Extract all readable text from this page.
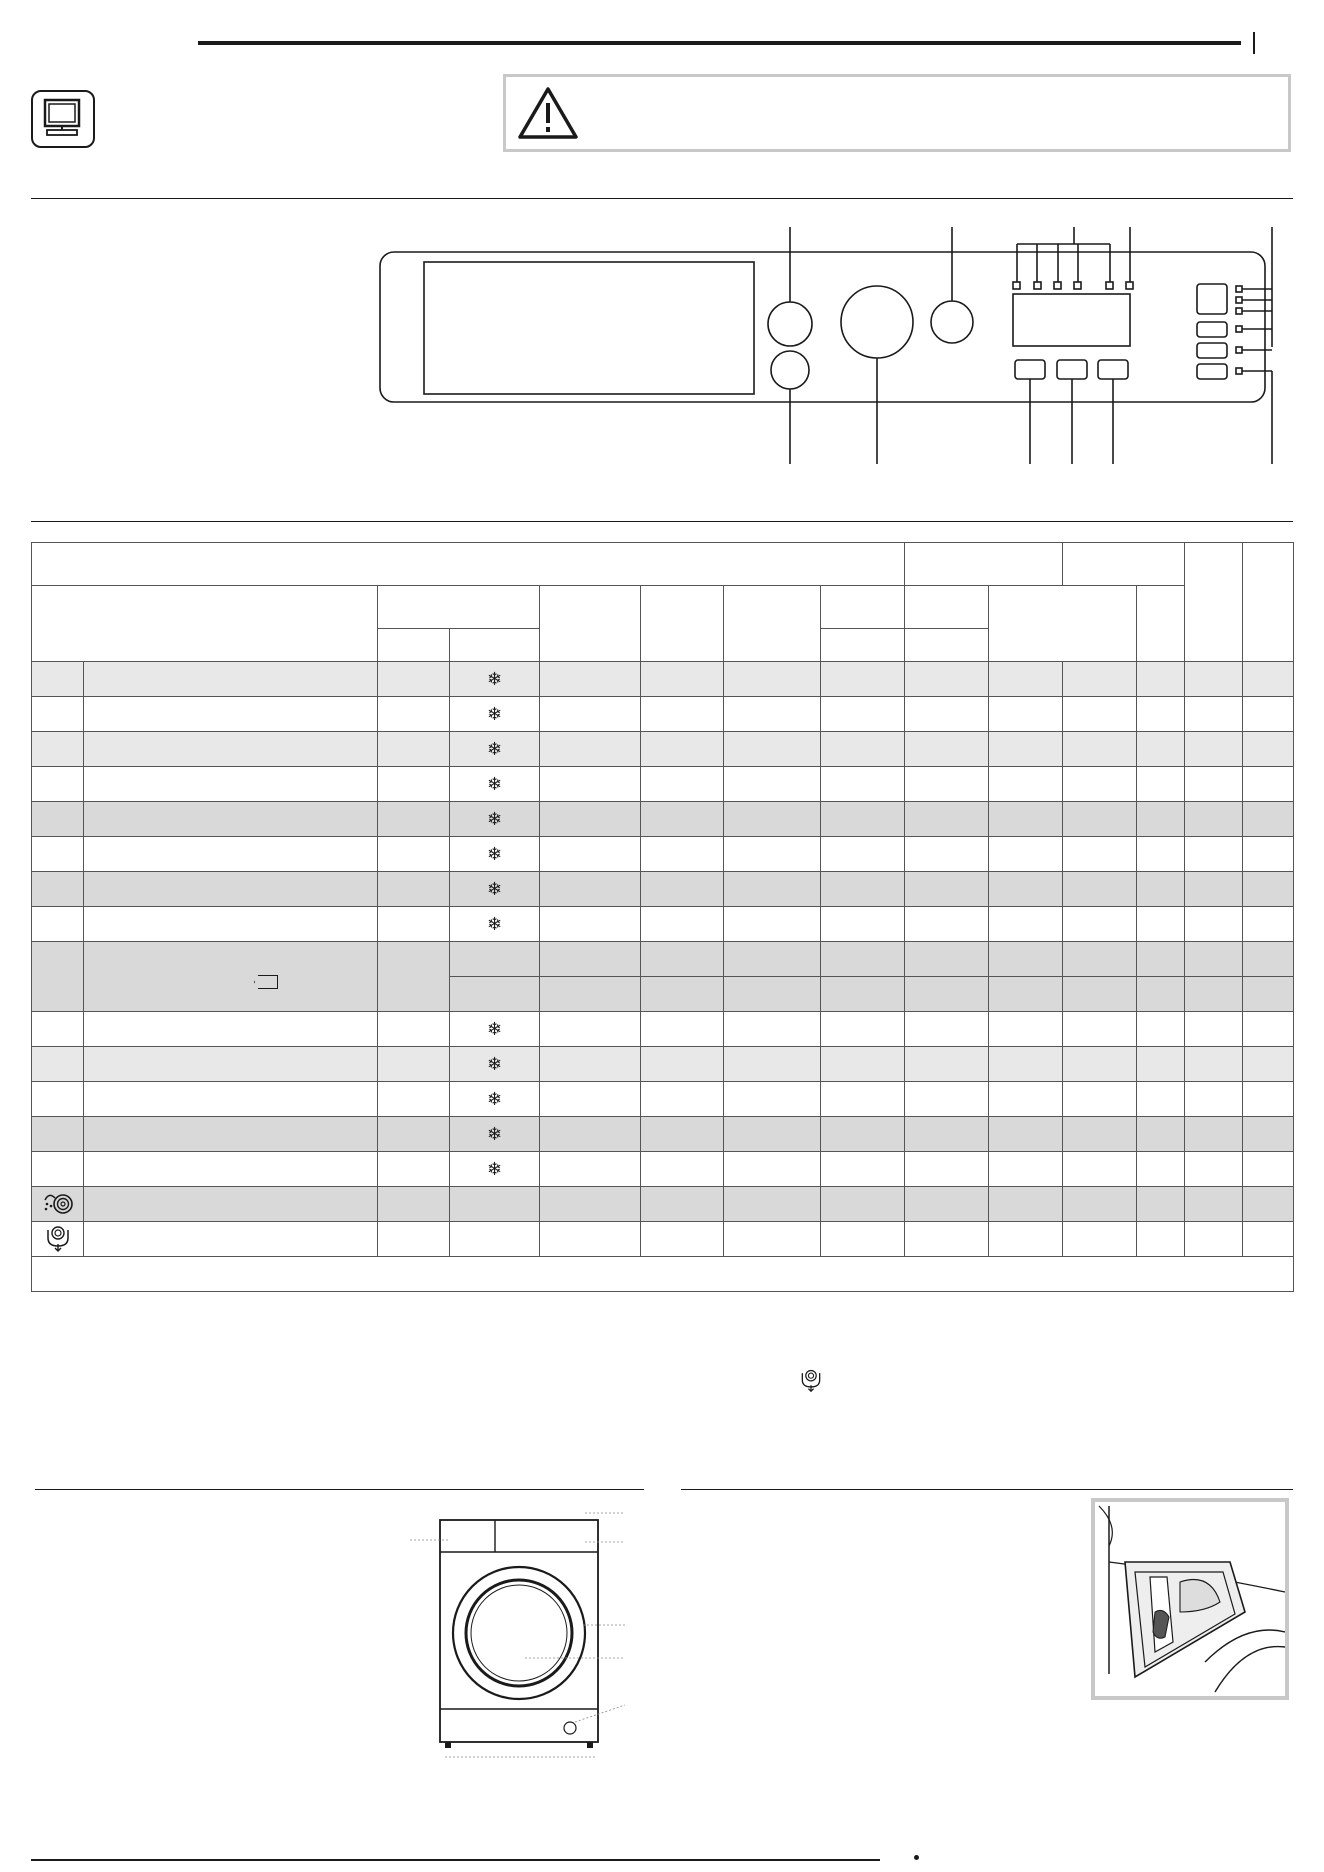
			❄											
			❄											
			❄											
			❄											
			❄											
			❄											
			❄											
			❄											

			❄											
			❄											
			❄											
			❄											
			❄											
